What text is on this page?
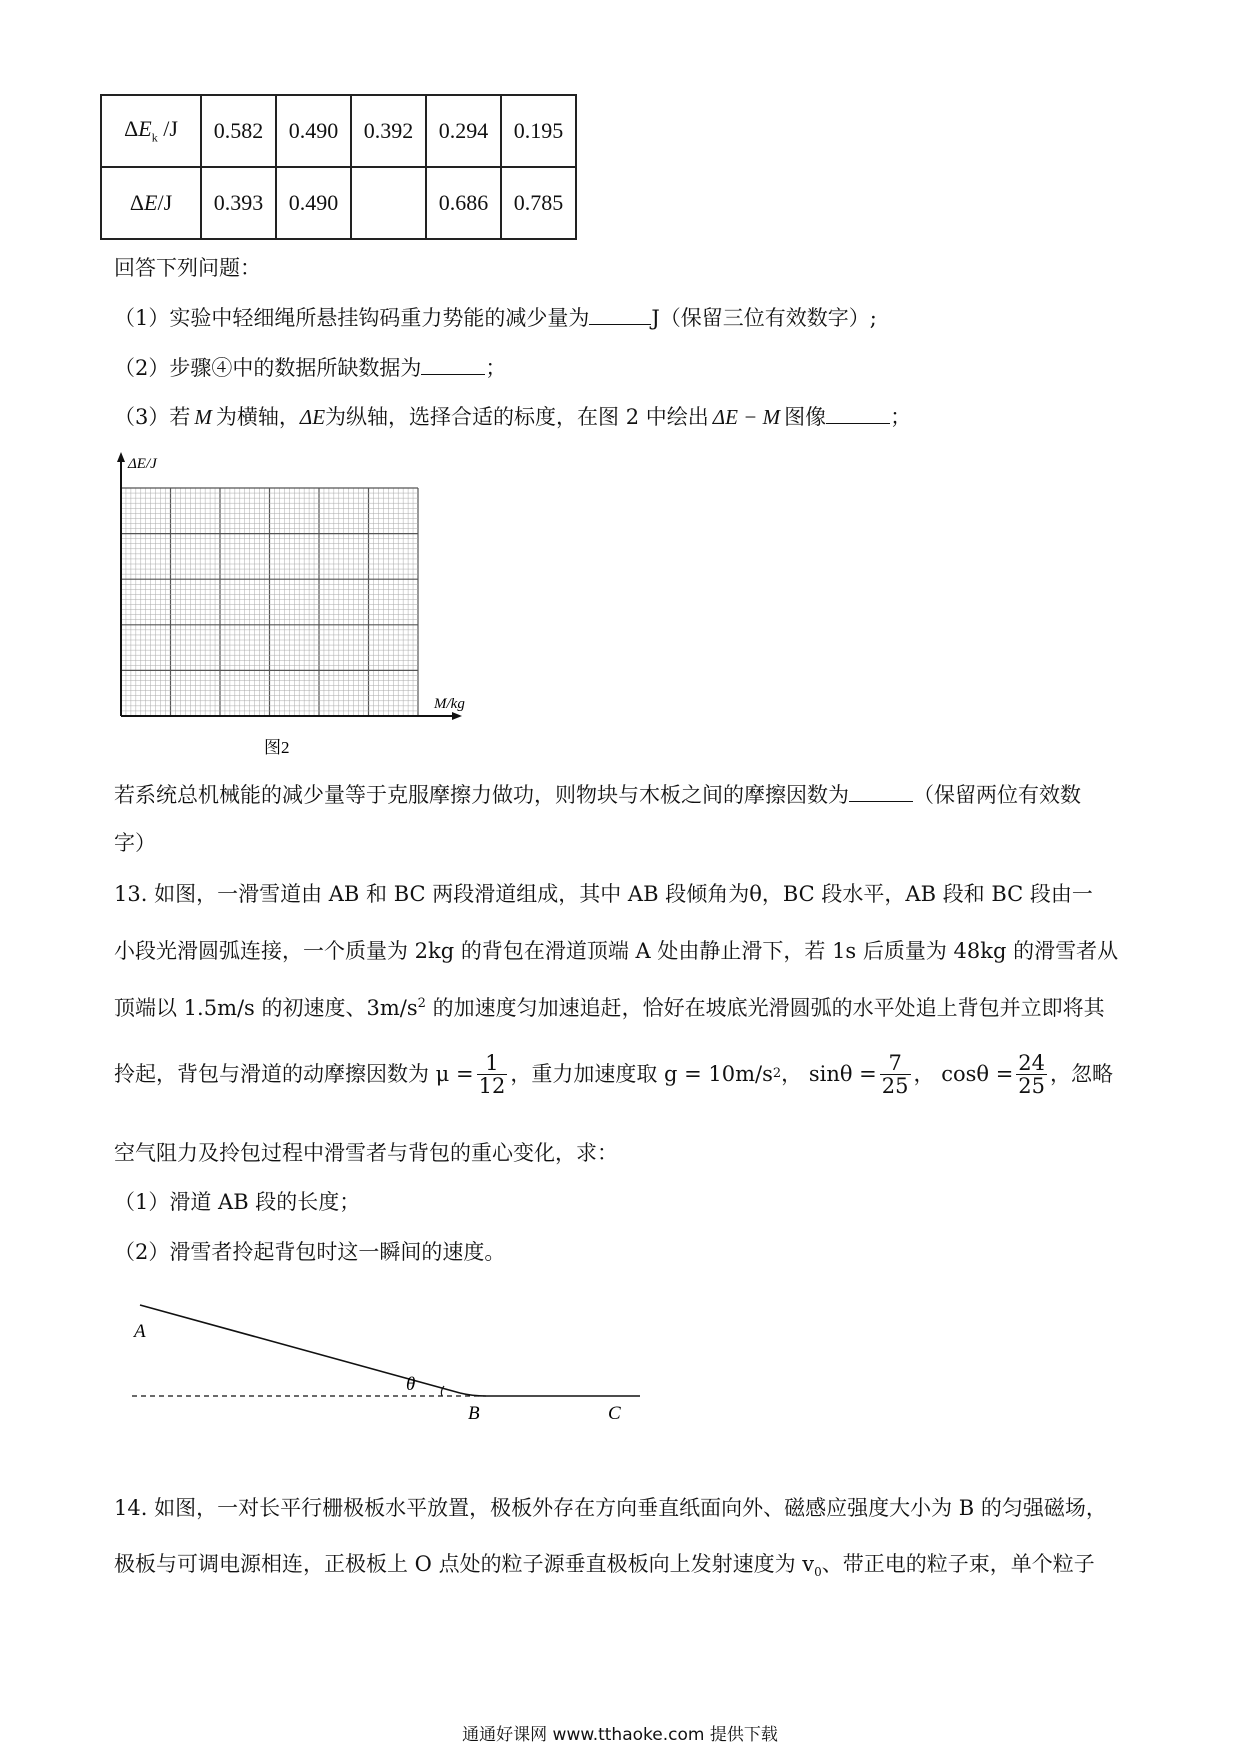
$\Delta E_k$ /J	0.582	0.490	0.392	0.294	0.195
ΔE/J	0.393	0.490		0.686	0.785
回答下列问题：
（1）实验中轻细绳所悬挂钩码重力势能的减少量为	J（保留三位有效数字）;
（2）步骤④中的数据所缺数据为	；
（3）若 M 为横轴，ΔE为纵轴，选择合适的标度，在图 2 中绘出 ΔE − M 图像	；
ΔE/J
M/kg
图2
若系统总机械能的减少量等于克服摩擦力做功，则物块与木板之间的摩擦因数为	（保留两位有效数
字）
13. 如图，一滑雪道由 AB 和 BC 两段滑道组成，其中 AB 段倾角为θ，BC 段水平，AB 段和 BC 段由一
小段光滑圆弧连接，一个质量为 2kg 的背包在滑道顶端 A 处由静止滑下，若 1s 后质量为 48kg 的滑雪者从
顶端以 1.5m/s 的初速度、$3m/s^2$ 的加速度匀加速追赶，恰好在坡底光滑圆弧的水平处追上背包并立即将其
拎起，背包与滑道的动摩擦因数为 $\mu = \frac{1}{12}$ ，重力加速度取 g = 10m/s 2 ， $\sin\theta = \frac{7}{25}$ ， $\cos\theta = \frac{24}{25}$ ，忽略
空气阻力及拎包过程中滑雪者与背包的重心变化，求：
（1）滑道 AB 段的长度；
（2）滑雪者拎起背包时这一瞬间的速度。
A
θ
B	C
14. 如图，一对长平行栅极板水平放置，极板外存在方向垂直纸面向外、磁感应强度大小为 B 的匀强磁场，
极板与可调电源相连，正极板上 O 点处的粒子源垂直极板向上发射速度为 $v_0$、带正电的粒子束，单个粒子
通通好课网 www.tthaoke.com 提供下载
